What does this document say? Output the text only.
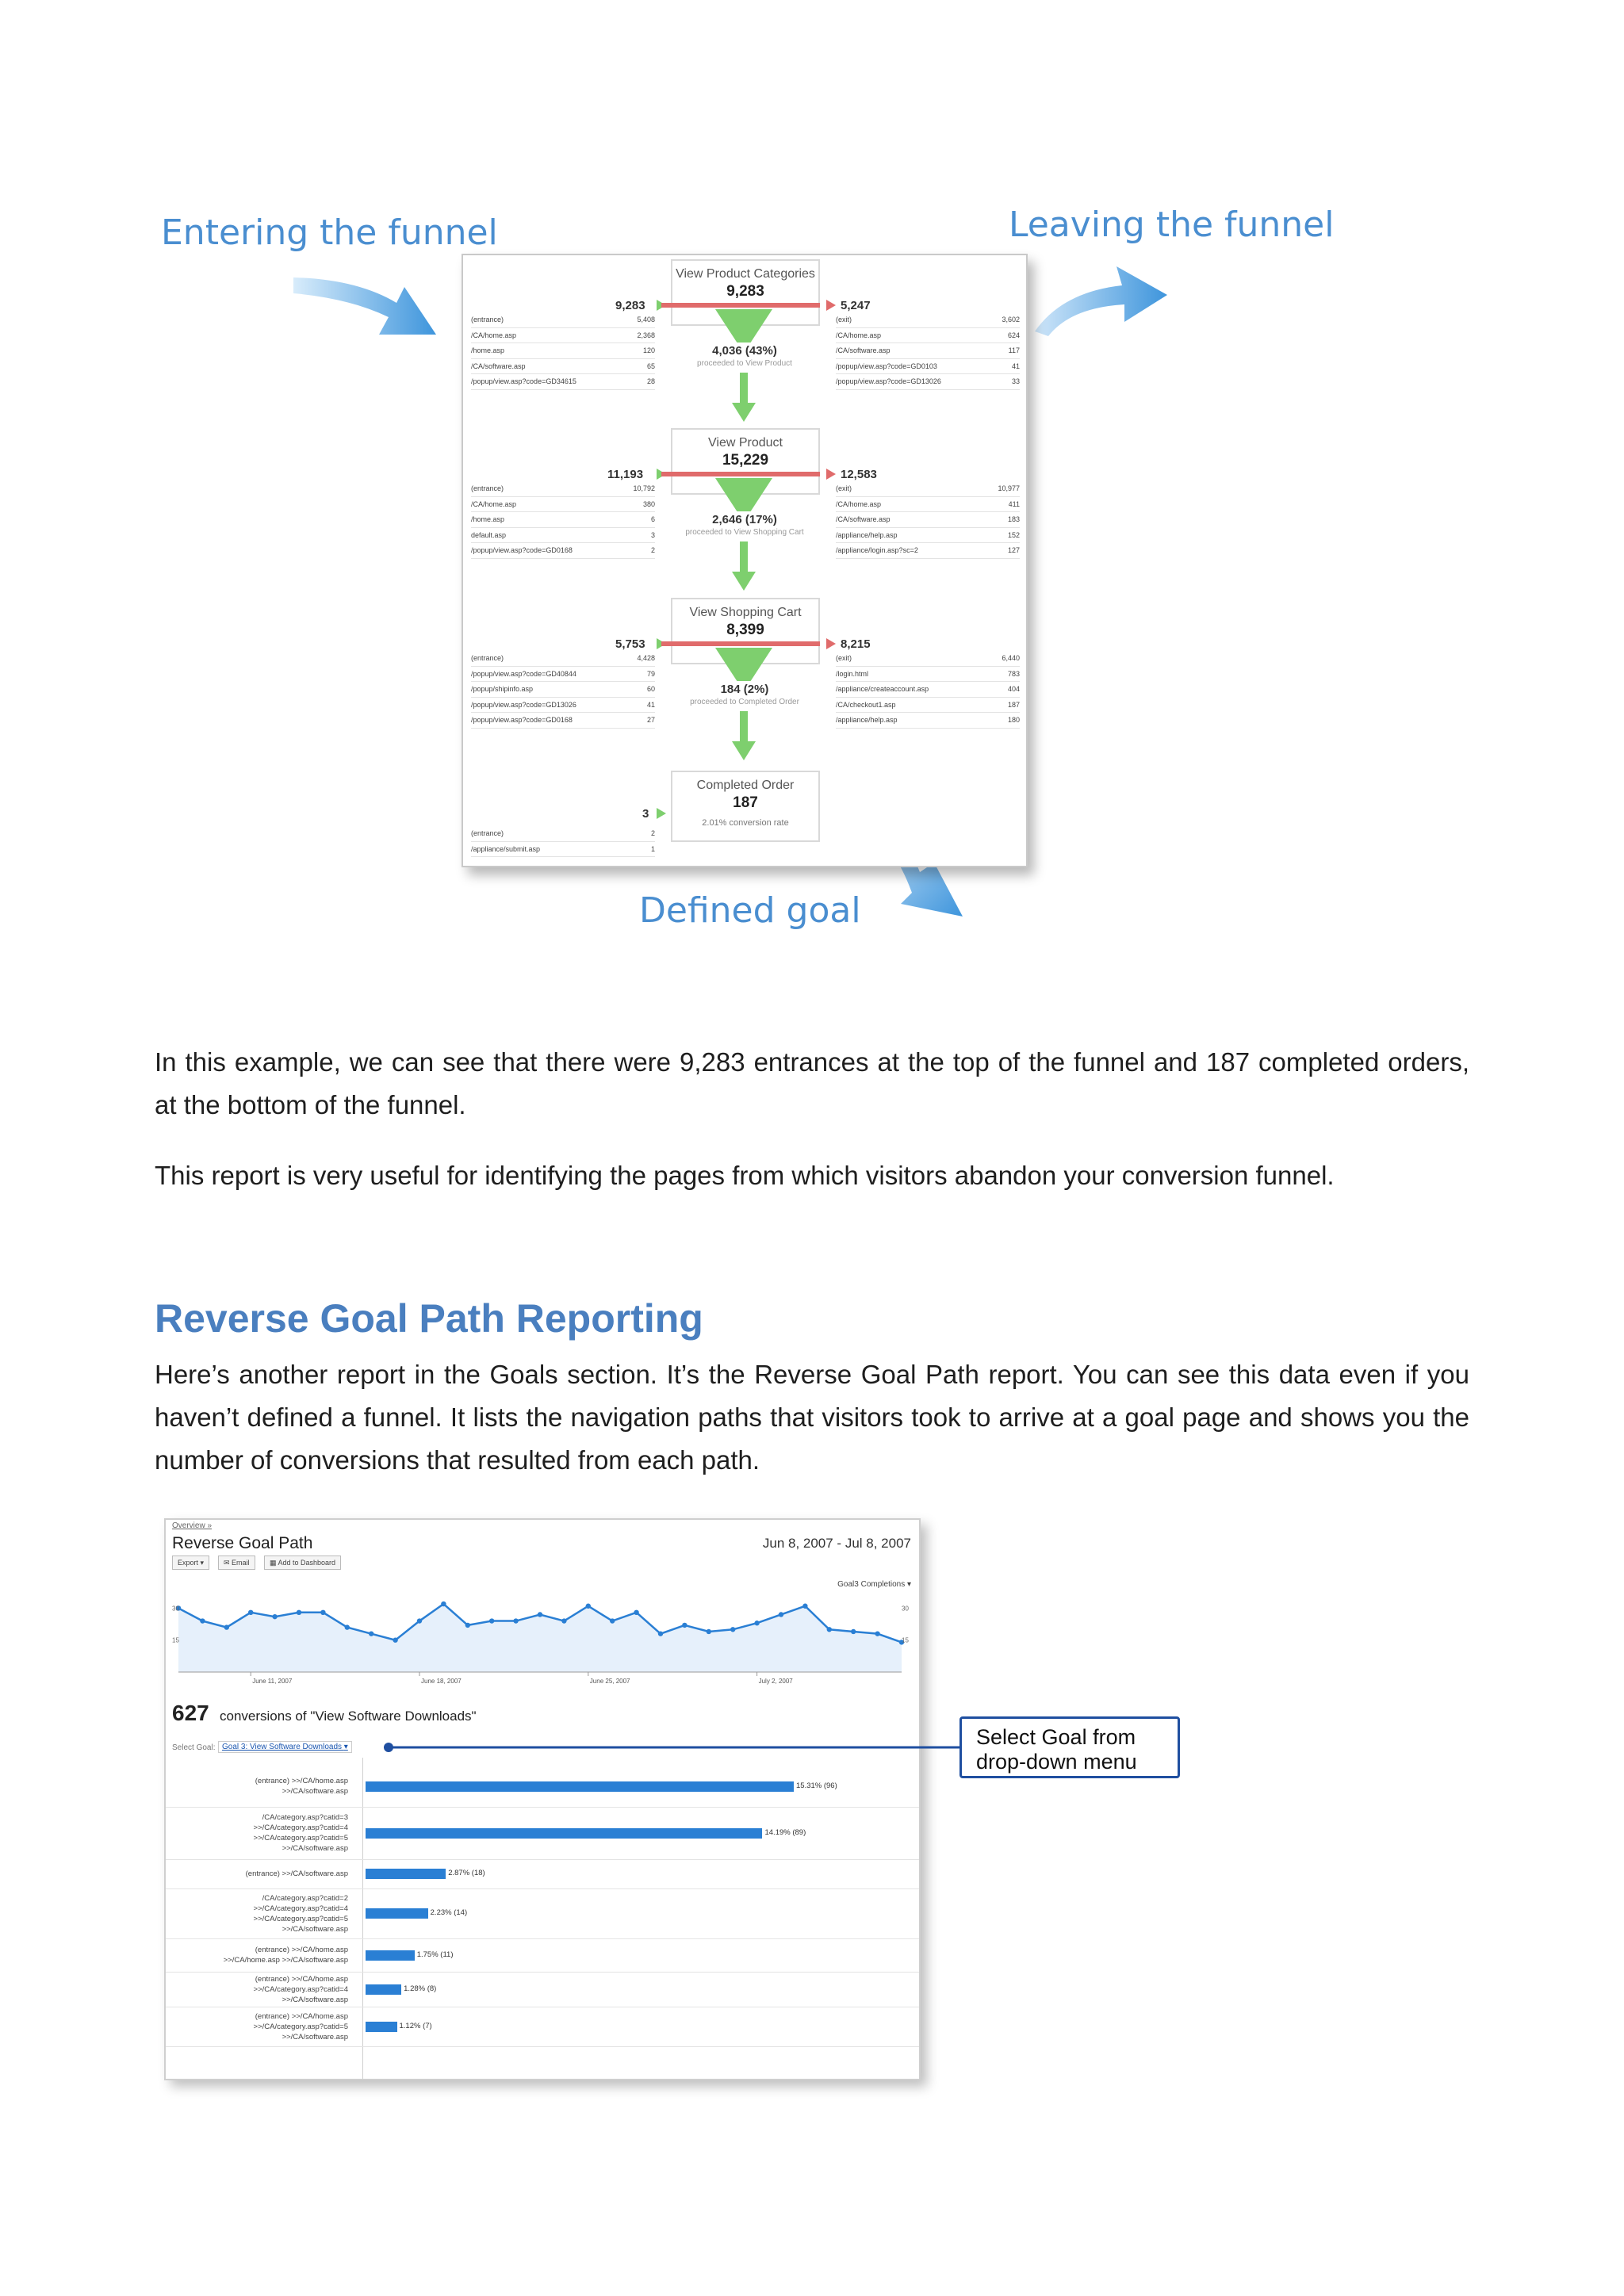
Entering the funnel	Leaving the funnel
Defined goal
View Product Categories
9,283
9,283	5,247
4,036 (43%)
proceeded to View Product
(entrance)	5,408
/CA/home.asp	2,368
/home.asp	120
/CA/software.asp	65
/popup/view.asp?code=GD34615	28
(exit)	3,602
/CA/home.asp	624
/CA/software.asp	117
/popup/view.asp?code=GD0103	41
/popup/view.asp?code=GD13026	33
View Product
15,229
11,193	12,583
2,646 (17%)
proceeded to View Shopping Cart
(entrance)	10,792
/CA/home.asp	380
/home.asp	6
default.asp	3
/popup/view.asp?code=GD0168	2
(exit)	10,977
/CA/home.asp	411
/CA/software.asp	183
/appliance/help.asp	152
/appliance/login.asp?sc=2	127
View Shopping Cart
8,399
5,753	8,215
184 (2%)
proceeded to Completed Order
(entrance)	4,428
/popup/view.asp?code=GD40844	79
/popup/shipinfo.asp	60
/popup/view.asp?code=GD13026	41
/popup/view.asp?code=GD0168	27
(exit)	6,440
/login.html	783
/appliance/createaccount.asp	404
/CA/checkout1.asp	187
/appliance/help.asp	180
Completed Order
187
2.01% conversion rate
3
(entrance)	2
/appliance/submit.asp	1

In this example, we can see that there were 9,283 entrances at the top of the funnel and 187 completed orders, at the bottom of the funnel.

This report is very useful for identifying the pages from which visitors abandon your conversion funnel.

Reverse Goal Path Reporting

Here’s another report in the Goals section. It’s the Reverse Goal Path report. You can see this data even if you haven’t defined a funnel. It lists the navigation paths that visitors took to arrive at a goal page and shows you the number of conversions that resulted from each path.

Overview »
Reverse Goal Path	Jun 8, 2007 - Jul 8, 2007
Export ▾	✉ Email	▦ Add to Dashboard
Goal3 Completions ▾
30	30
15	15
June 11, 2007	June 18, 2007	June 25, 2007	July 2, 2007
627 conversions of "View Software Downloads"
Select Goal: Goal 3: View Software Downloads ▾
(entrance) >>/CA/home.asp
>>/CA/software.asp
15.31% (96)
/CA/category.asp?catid=3
>>/CA/category.asp?catid=4
>>/CA/category.asp?catid=5
>>/CA/software.asp
14.19% (89)
(entrance) >>/CA/software.asp	2.87% (18)
/CA/category.asp?catid=2
>>/CA/category.asp?catid=4
>>/CA/category.asp?catid=5
>>/CA/software.asp
2.23% (14)
(entrance) >>/CA/home.asp
>>/CA/home.asp >>/CA/software.asp
1.75% (11)
(entrance) >>/CA/home.asp
>>/CA/category.asp?catid=4
>>/CA/software.asp
1.28% (8)
(entrance) >>/CA/home.asp
>>/CA/category.asp?catid=5
>>/CA/software.asp
1.12% (7)
Select Goal from drop-down menu
